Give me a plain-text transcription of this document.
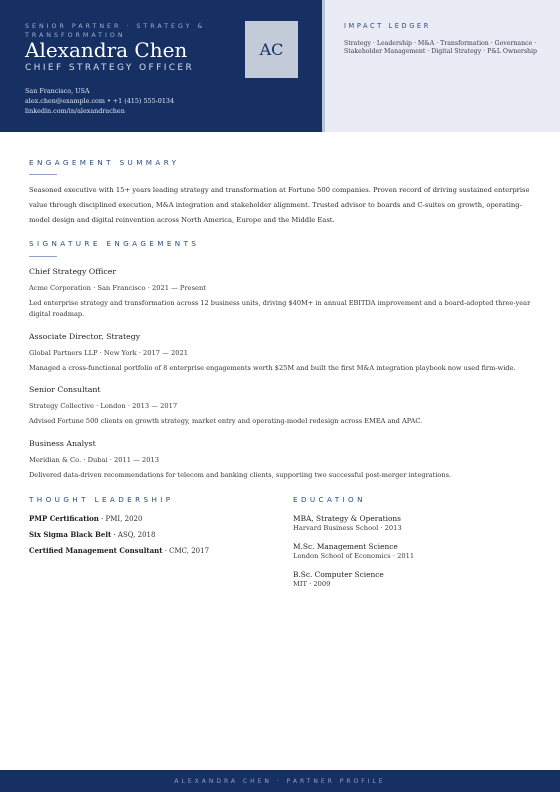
SENIOR PARTNER · STRATEGY & TRANSFORMATION
Alexandra Chen
CHIEF STRATEGY OFFICER
San Francisco, USA
alex.chen@example.com • +1 (415) 555-0134
linkedin.com/in/alexandrachen
AC
IMPACT LEDGER
Strategy · Leadership · M&A · Transformation · Governance · Stakeholder Management · Digital Strategy · P&L Ownership
ENGAGEMENT SUMMARY
Seasoned executive with 15+ years leading strategy and transformation at Fortune 500 companies. Proven record of driving sustained enterprise value through disciplined execution, M&A integration and stakeholder alignment. Trusted advisor to boards and C-suites on growth, operating-model design and digital reinvention across North America, Europe and the Middle East.
SIGNATURE ENGAGEMENTS
Chief Strategy Officer
Acme Corporation · San Francisco · 2021 — Present
Led enterprise strategy and transformation across 12 business units, driving $40M+ in annual EBITDA improvement and a board-adopted three-year digital roadmap.
Associate Director, Strategy
Global Partners LLP · New York · 2017 — 2021
Managed a cross-functional portfolio of 8 enterprise engagements worth $25M and built the first M&A integration playbook now used firm-wide.
Senior Consultant
Strategy Collective · London · 2013 — 2017
Advised Fortune 500 clients on growth strategy, market entry and operating-model redesign across EMEA and APAC.
Business Analyst
Meridian & Co. · Dubai · 2011 — 2013
Delivered data-driven recommendations for telecom and banking clients, supporting two successful post-merger integrations.
THOUGHT LEADERSHIP
PMP Certification · PMI, 2020
Six Sigma Black Belt · ASQ, 2018
Certified Management Consultant · CMC, 2017
EDUCATION
MBA, Strategy & Operations
Harvard Business School · 2013
M.Sc. Management Science
London School of Economics · 2011
B.Sc. Computer Science
MIT · 2009
ALEXANDRA CHEN · PARTNER PROFILE
